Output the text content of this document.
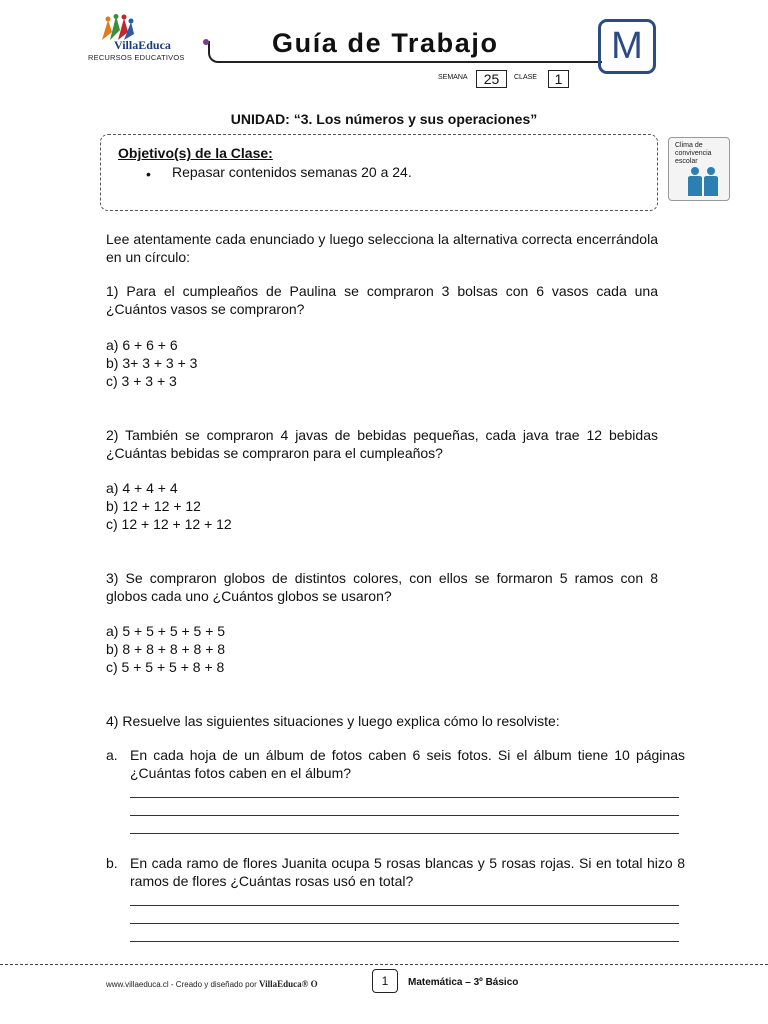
VillaEduca
RECURSOS EDUCATIVOS	Guía de Trabajo	M
SEMANA	25	CLASE	1
UNIDAD: “3. Los números y sus operaciones”
Objetivo(s) de la Clase:
• Repasar contenidos semanas 20 a 24.
Clima de convivencia escolar
Lee atentamente cada enunciado y luego selecciona la alternativa correcta encerrándola en un círculo:
1) Para el cumpleaños de Paulina se compraron 3 bolsas con 6 vasos cada una ¿Cuántos vasos se compraron?
a) 6 + 6 + 6
b) 3+ 3 + 3 + 3
c) 3 + 3 + 3
2) También se compraron 4 javas de bebidas pequeñas, cada java trae 12 bebidas ¿Cuántas bebidas se compraron para el cumpleaños?
a) 4 + 4 + 4
b) 12 + 12 + 12
c) 12 + 12 + 12 + 12
3) Se compraron globos de distintos colores, con ellos se formaron 5 ramos con 8 globos cada uno ¿Cuántos globos se usaron?
a) 5 + 5 + 5 + 5 + 5
b) 8 + 8 + 8 + 8 + 8
c) 5 + 5 + 5 + 8 + 8
4) Resuelve las siguientes situaciones y luego explica cómo lo resolviste:
a. En cada hoja de un álbum de fotos caben 6 seis fotos. Si el álbum tiene 10 páginas ¿Cuántas fotos caben en el álbum?
b. En cada ramo de flores Juanita ocupa 5 rosas blancas y 5 rosas rojas. Si en total hizo 8 ramos de flores ¿Cuántas rosas usó en total?
www.villaeduca.cl - Creado y diseñado por VillaEduca® O	1	Matemática – 3º Básico
